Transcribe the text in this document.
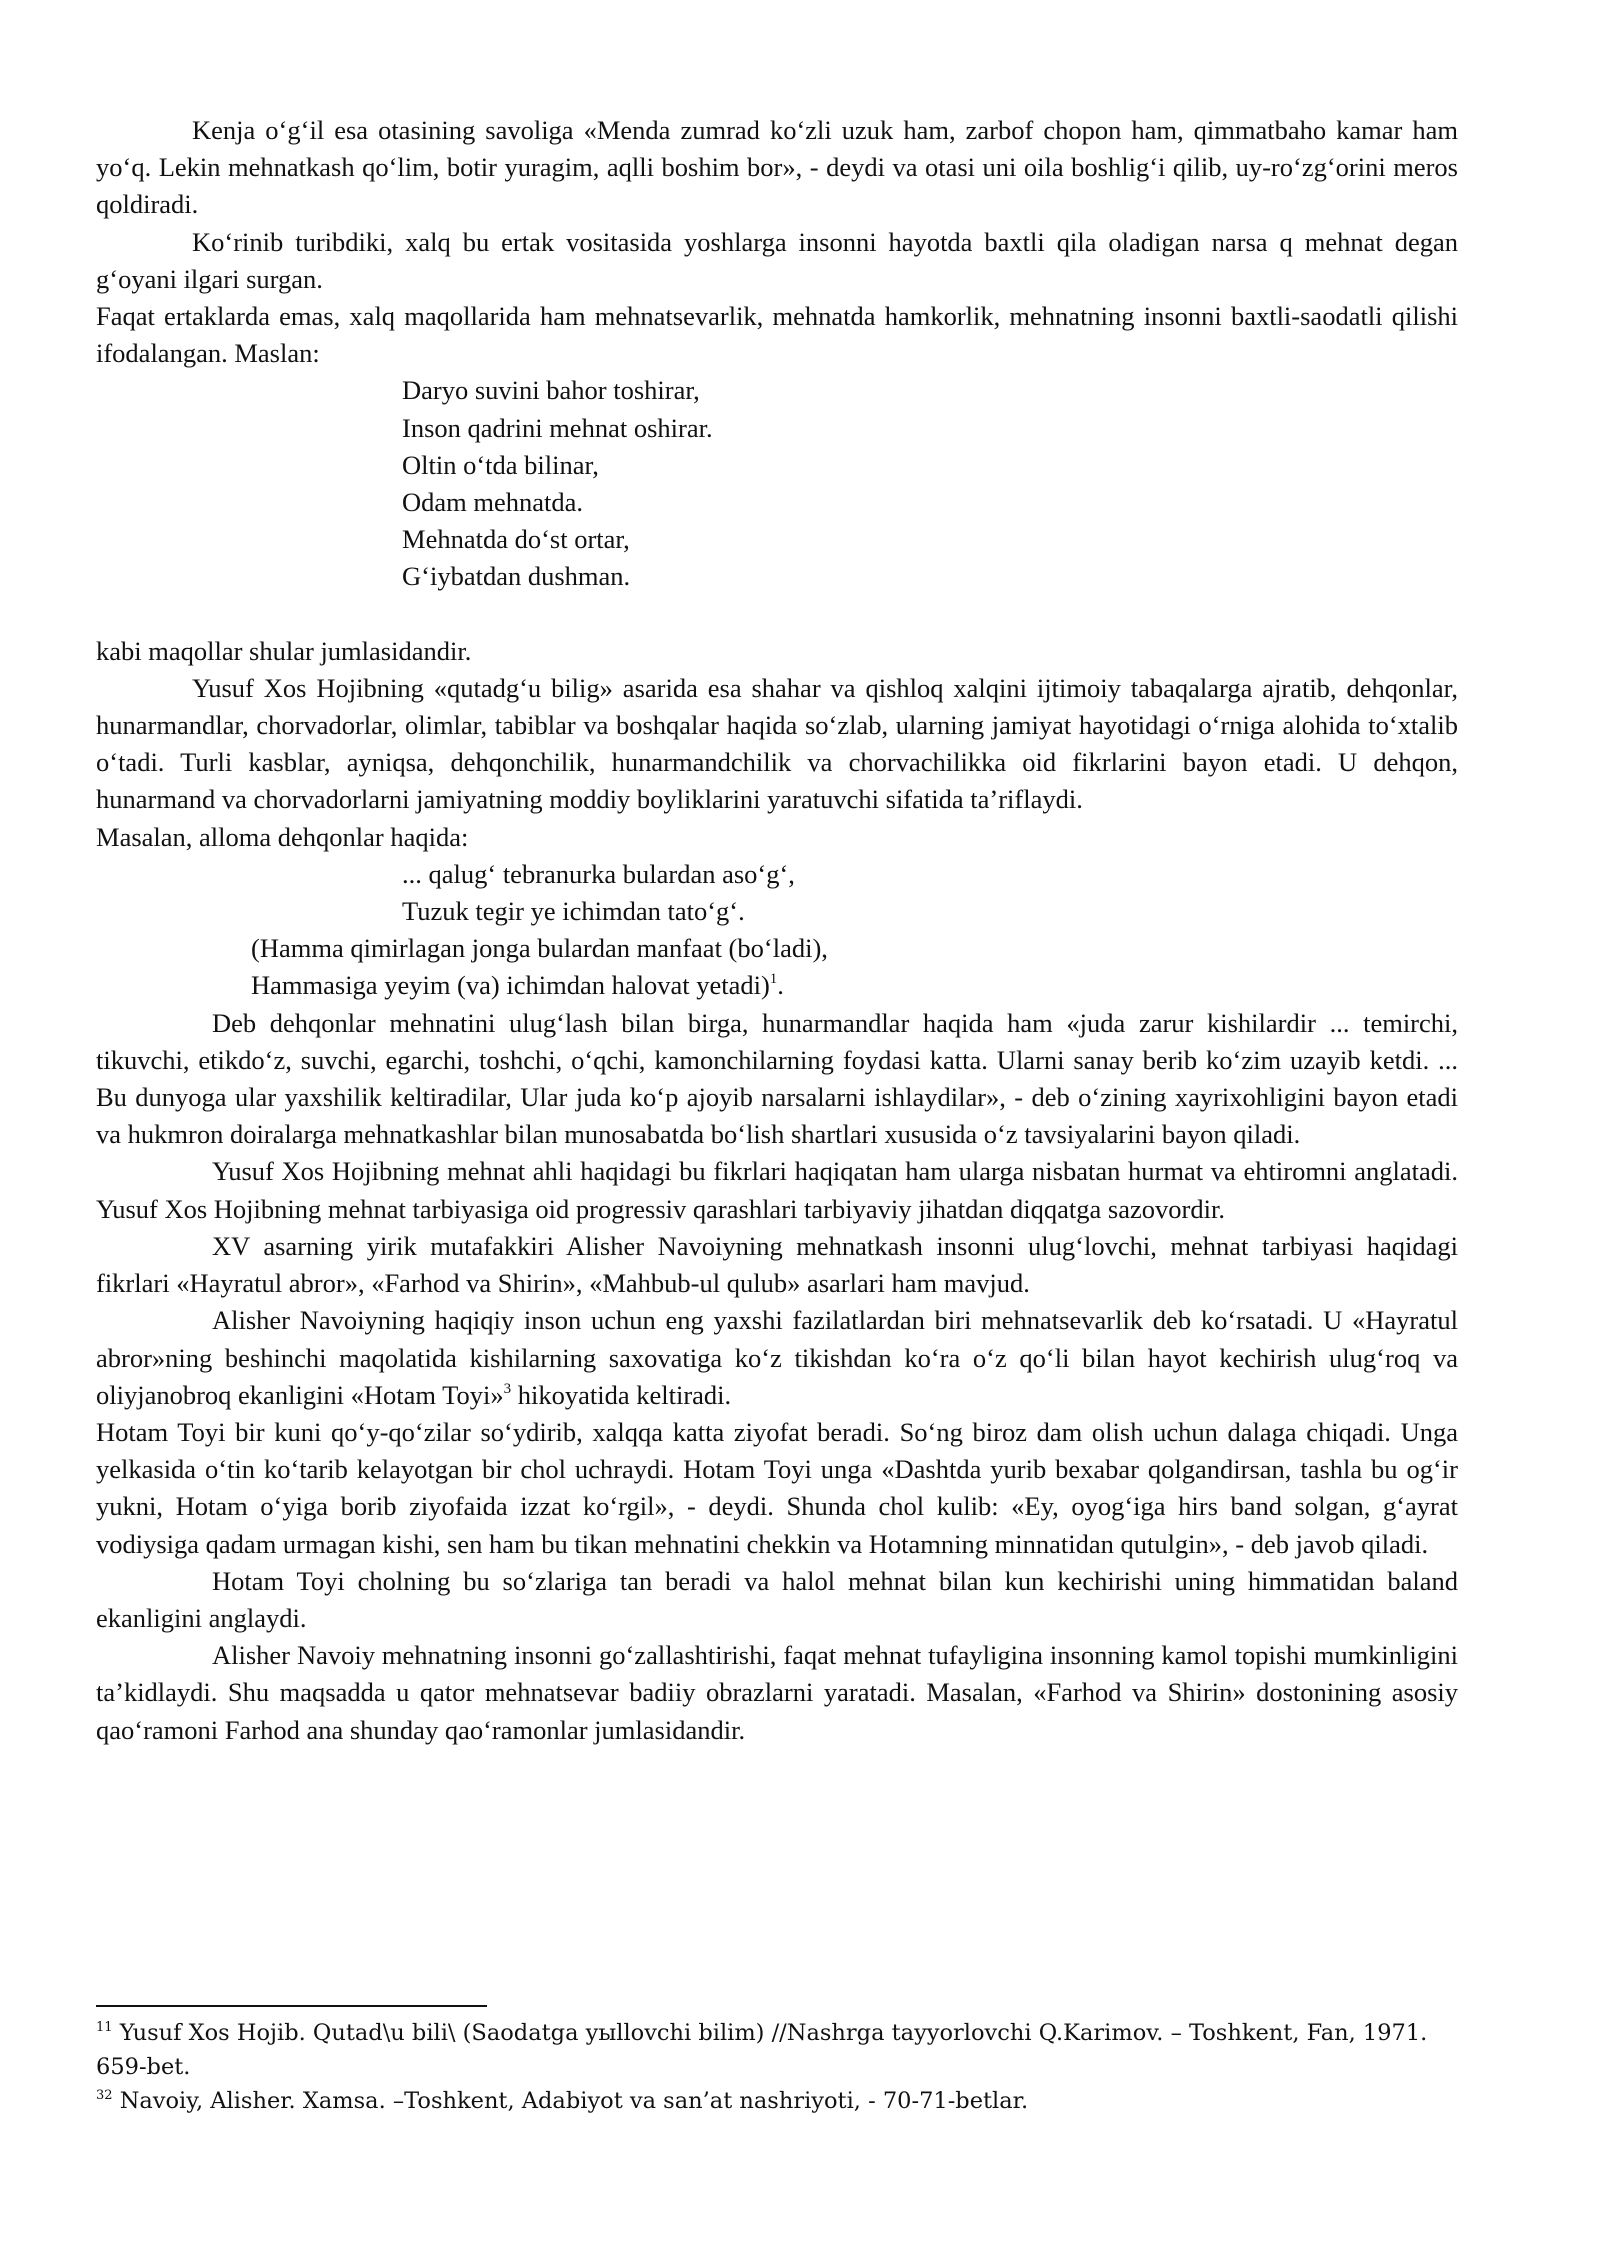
Kenja o‘g‘il esa otasining savoliga «Menda zumrad ko‘zli uzuk ham, zarbof chopon ham, qimmatbaho kamar ham yo‘q. Lekin mehnatkash qo‘lim, botir yuragim, aqlli boshim bor», - deydi va otasi uni oila boshlig‘i qilib, uy-ro‘zg‘orini meros qoldiradi.

Ko‘rinib turibdiki, xalq bu ertak vositasida yoshlarga insonni hayotda baxtli qila oladigan narsa q mehnat degan g‘oyani ilgari surgan.

Faqat ertaklarda emas, xalq maqollarida ham mehnatsevarlik, mehnatda hamkorlik, mehnatning insonni baxtli-saodatli qilishi ifodalangan. Maslan:

Daryo suvini bahor toshirar,
Inson qadrini mehnat oshirar.
Oltin o‘tda bilinar,
Odam mehnatda.
Mehnatda do‘st ortar,
G‘iybatdan dushman.

kabi maqollar shular jumlasidandir.

Yusuf Xos Hojibning «qutadg‘u bilig» asarida esa shahar va qishloq xalqini ijtimoiy tabaqalarga ajratib, dehqonlar, hunarmandlar, chorvadorlar, olimlar, tabiblar va boshqalar haqida so‘zlab, ularning jamiyat hayotidagi o‘rniga alohida to‘xtalib o‘tadi. Turli kasblar, ayniqsa, dehqonchilik, hunarmandchilik va chorvachilikka oid fikrlarini bayon etadi. U dehqon, hunarmand va chorvadorlarni jamiyatning moddiy boyliklarini yaratuvchi sifatida ta’riflaydi.

Masalan, alloma dehqonlar haqida:

... qalug‘ tebranurka bulardan aso‘g‘,
Tuzuk tegir ye ichimdan tato‘g‘.
(Hamma qimirlagan jonga bulardan manfaat (bo‘ladi),
Hammasiga yeyim (va) ichimdan halovat yetadi)$^1$.

Deb dehqonlar mehnatini ulug‘lash bilan birga, hunarmandlar haqida ham «juda zarur kishilardir ... temirchi, tikuvchi, etikdo‘z, suvchi, egarchi, toshchi, o‘qchi, kamonchilarning foydasi katta. Ularni sanay berib ko‘zim uzayib ketdi. ... Bu dunyoga ular yaxshilik keltiradilar, Ular juda ko‘p ajoyib narsalarni ishlaydilar», - deb o‘zining xayrixohligini bayon etadi va hukmron doiralarga mehnatkashlar bilan munosabatda bo‘lish shartlari xususida o‘z tavsiyalarini bayon qiladi.

Yusuf Xos Hojibning mehnat ahli haqidagi bu fikrlari haqiqatan ham ularga nisbatan hurmat va ehtiromni anglatadi. Yusuf Xos Hojibning mehnat tarbiyasiga oid progressiv qarashlari tarbiyaviy jihatdan diqqatga sazovordir.

XV asarning yirik mutafakkiri Alisher Navoiyning mehnatkash insonni ulug‘lovchi, mehnat tarbiyasi haqidagi fikrlari «Hayratul abror», «Farhod va Shirin», «Mahbub-ul qulub» asarlari ham mavjud.

Alisher Navoiyning haqiqiy inson uchun eng yaxshi fazilatlardan biri mehnatsevarlik deb ko‘rsatadi. U «Hayratul abror»ning beshinchi maqolatida kishilarning saxovatiga ko‘z tikishdan ko‘ra o‘z qo‘li bilan hayot kechirish ulug‘roq va oliyjanobroq ekanligini «Hotam Toyi»$^3$ hikoyatida keltiradi.

Hotam Toyi bir kuni qo‘y-qo‘zilar so‘ydirib, xalqqa katta ziyofat beradi. So‘ng biroz dam olish uchun dalaga chiqadi. Unga yelkasida o‘tin ko‘tarib kelayotgan bir chol uchraydi. Hotam Toyi unga «Dashtda yurib bexabar qolgandirsan, tashla bu og‘ir yukni, Hotam o‘yiga borib ziyofaida izzat ko‘rgil», - deydi. Shunda chol kulib: «Ey, oyog‘iga hirs band solgan, g‘ayrat vodiysiga qadam urmagan kishi, sen ham bu tikan mehnatini chekkin va Hotamning minnatidan qutulgin», - deb javob qiladi.

Hotam Toyi cholning bu so‘zlariga tan beradi va halol mehnat bilan kun kechirishi uning himmatidan baland ekanligini anglaydi.

Alisher Navoiy mehnatning insonni go‘zallashtirishi, faqat mehnat tufayligina insonning kamol topishi mumkinligini ta’kidlaydi. Shu maqsadda u qator mehnatsevar badiiy obrazlarni yaratadi. Masalan, «Farhod va Shirin» dostonining asosiy qao‘ramoni Farhod ana shunday qao‘ramonlar jumlasidandir.

$^{11}$ Yusuf Xos Hojib. Qutad\u bili\ (Saodatga yыllovchi bilim) //Nashrga tayyorlovchi Q.Karimov. – Toshkent, Fan, 1971. 659-bet.

$^{32}$ Navoiy, Alisher. Xamsa. –Toshkent, Adabiyot va san’at nashriyoti, - 70-71-betlar.
